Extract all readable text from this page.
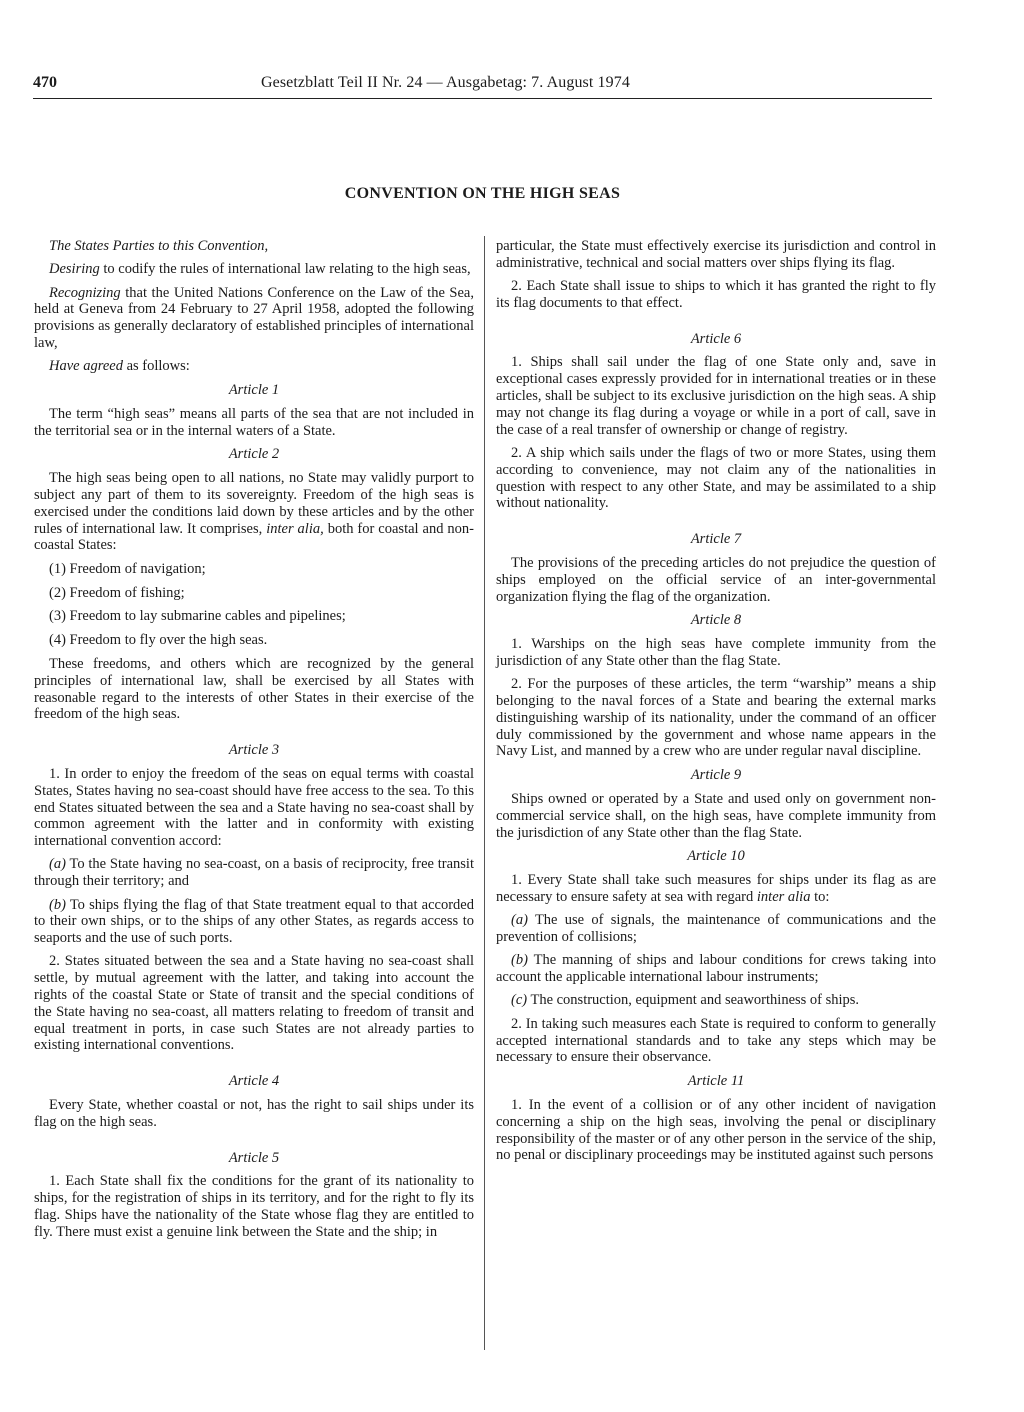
470	Gesetzblatt Teil II Nr. 24 — Ausgabetag: 7. August 1974
CONVENTION ON THE HIGH SEAS

The States Parties to this Convention,

Desiring to codify the rules of international law relating to the high seas,

Recognizing that the United Nations Conference on the Law of the Sea, held at Geneva from 24 February to 27 April 1958, adopted the following provisions as generally declaratory of established principles of international law,

Have agreed as follows:

Article 1

The term “high seas” means all parts of the sea that are not included in the territorial sea or in the internal waters of a State.

Article 2

The high seas being open to all nations, no State may validly purport to subject any part of them to its sovereignty. Freedom of the high seas is exercised under the conditions laid down by these articles and by the other rules of international law. It comprises, inter alia, both for coastal and non-coastal States:

(1) Freedom of navigation;

(2) Freedom of fishing;

(3) Freedom to lay submarine cables and pipelines;

(4) Freedom to fly over the high seas.

These freedoms, and others which are recognized by the general principles of international law, shall be exercised by all States with reasonable regard to the interests of other States in their exercise of the freedom of the high seas.

Article 3

1. In order to enjoy the freedom of the seas on equal terms with coastal States, States having no sea-coast should have free access to the sea. To this end States situated between the sea and a State having no sea-coast shall by common agreement with the latter and in conformity with existing international convention accord:

(a) To the State having no sea-coast, on a basis of reciprocity, free transit through their territory; and

(b) To ships flying the flag of that State treatment equal to that accorded to their own ships, or to the ships of any other States, as regards access to seaports and the use of such ports.

2. States situated between the sea and a State having no sea-coast shall settle, by mutual agreement with the latter, and taking into account the rights of the coastal State or State of transit and the special conditions of the State having no sea-coast, all matters relating to freedom of transit and equal treatment in ports, in case such States are not already parties to existing international conventions.

Article 4

Every State, whether coastal or not, has the right to sail ships under its flag on the high seas.

Article 5

1. Each State shall fix the conditions for the grant of its nationality to ships, for the registration of ships in its territory, and for the right to fly its flag. Ships have the nationality of the State whose flag they are entitled to fly. There must exist a genuine link between the State and the ship; in

particular, the State must effectively exercise its jurisdiction and control in administrative, technical and social matters over ships flying its flag.

2. Each State shall issue to ships to which it has granted the right to fly its flag documents to that effect.

Article 6

1. Ships shall sail under the flag of one State only and, save in exceptional cases expressly provided for in international treaties or in these articles, shall be subject to its exclusive jurisdiction on the high seas. A ship may not change its flag during a voyage or while in a port of call, save in the case of a real transfer of ownership or change of registry.

2. A ship which sails under the flags of two or more States, using them according to convenience, may not claim any of the nationalities in question with respect to any other State, and may be assimilated to a ship without nationality.

Article 7

The provisions of the preceding articles do not prejudice the question of ships employed on the official service of an inter-governmental organization flying the flag of the organization.

Article 8

1. Warships on the high seas have complete immunity from the jurisdiction of any State other than the flag State.

2. For the purposes of these articles, the term “warship” means a ship belonging to the naval forces of a State and bearing the external marks distinguishing warship of its nationality, under the command of an officer duly commissioned by the government and whose name appears in the Navy List, and manned by a crew who are under regular naval discipline.

Article 9

Ships owned or operated by a State and used only on government non-commercial service shall, on the high seas, have complete immunity from the jurisdiction of any State other than the flag State.

Article 10

1. Every State shall take such measures for ships under its flag as are necessary to ensure safety at sea with regard inter alia to:

(a) The use of signals, the maintenance of communications and the prevention of collisions;

(b) The manning of ships and labour conditions for crews taking into account the applicable international labour instruments;

(c) The construction, equipment and seaworthiness of ships.

2. In taking such measures each State is required to conform to generally accepted international standards and to take any steps which may be necessary to ensure their observance.

Article 11

1. In the event of a collision or of any other incident of navigation concerning a ship on the high seas, involving the penal or disciplinary responsibility of the master or of any other person in the service of the ship, no penal or disciplinary proceedings may be instituted against such persons
